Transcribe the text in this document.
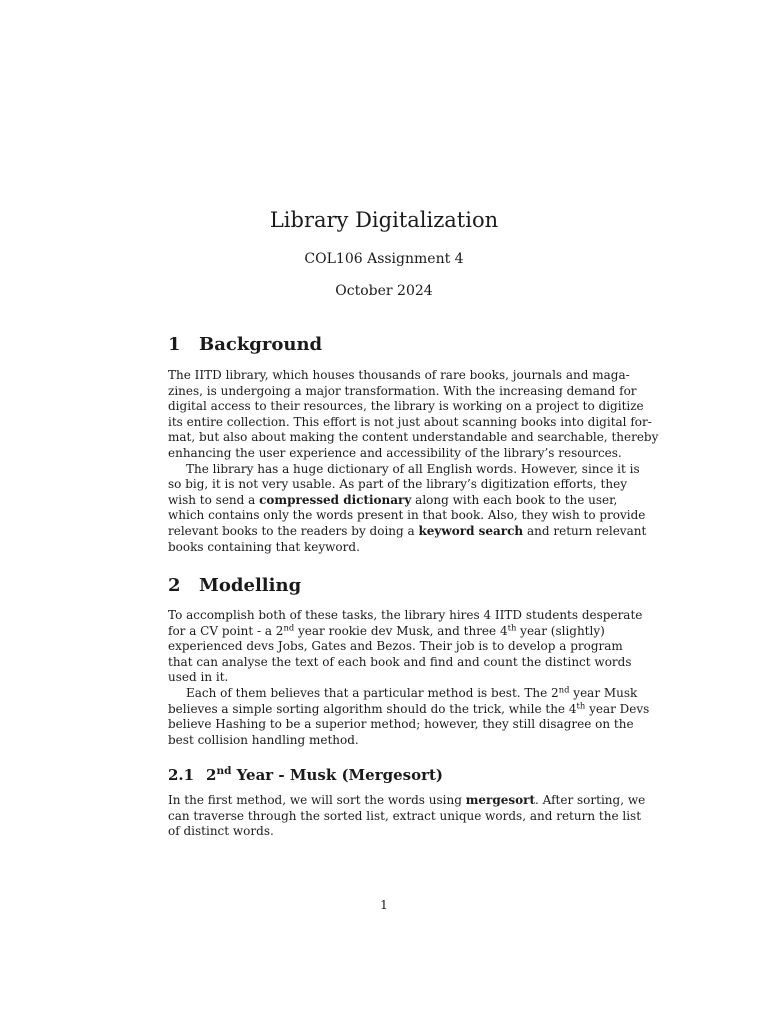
Library Digitalization
COL106 Assignment 4
October 2024
1 Background
The IITD library, which houses thousands of rare books, journals and maga-
zines, is undergoing a major transformation. With the increasing demand for
digital access to their resources, the library is working on a project to digitize
its entire collection. This effort is not just about scanning books into digital for-
mat, but also about making the content understandable and searchable, thereby
enhancing the user experience and accessibility of the library’s resources.
The library has a huge dictionary of all English words. However, since it is
so big, it is not very usable. As part of the library’s digitization efforts, they
wish to send a compressed dictionary along with each book to the user,
which contains only the words present in that book. Also, they wish to provide
relevant books to the readers by doing a keyword search and return relevant
books containing that keyword.
2 Modelling
To accomplish both of these tasks, the library hires 4 IITD students desperate
for a CV point - a 2nd year rookie dev Musk, and three 4th year (slightly)
experienced devs Jobs, Gates and Bezos. Their job is to develop a program
that can analyse the text of each book and find and count the distinct words
used in it.
Each of them believes that a particular method is best. The 2nd year Musk
believes a simple sorting algorithm should do the trick, while the 4th year Devs
believe Hashing to be a superior method; however, they still disagree on the
best collision handling method.
2.1 2nd Year - Musk (Mergesort)
In the first method, we will sort the words using mergesort. After sorting, we
can traverse through the sorted list, extract unique words, and return the list
of distinct words.
1
